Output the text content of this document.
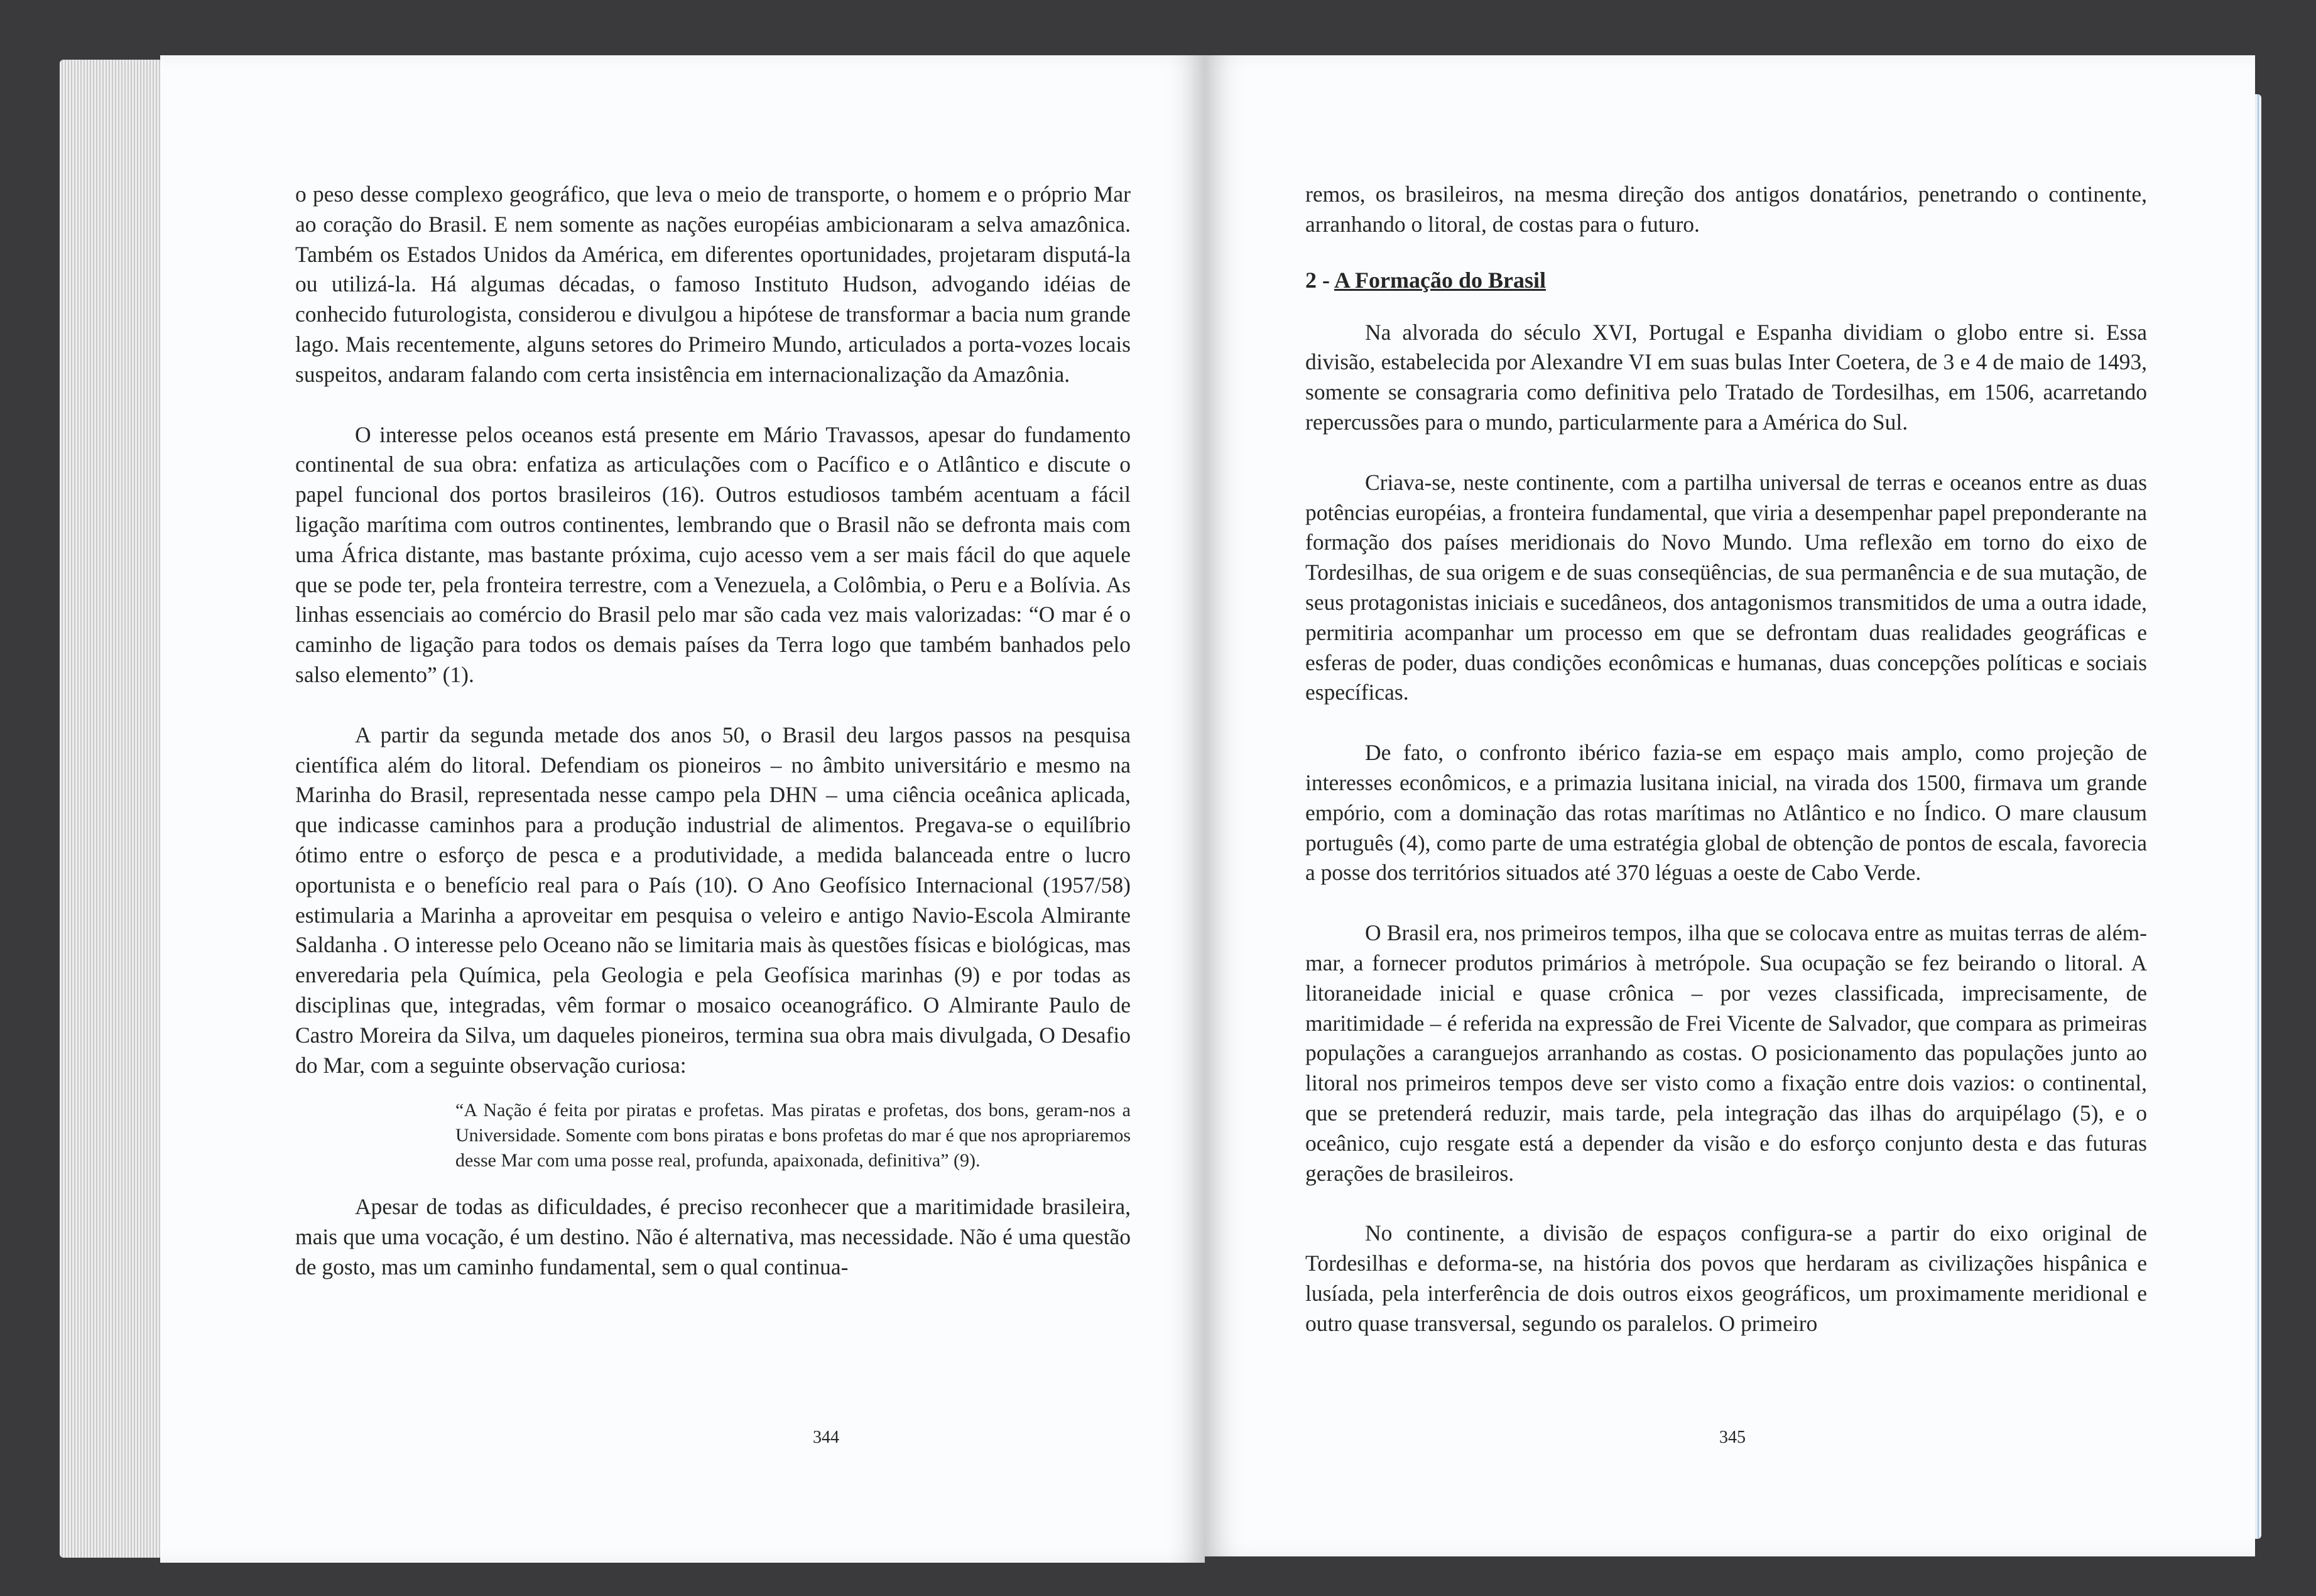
o peso desse complexo geográfico, que leva o meio de transporte, o homem e o próprio Mar ao coração do Brasil. E nem somente as nações européias ambicionaram a selva amazônica. Também os Estados Unidos da América, em diferentes oportunidades, projetaram disputá-la ou utilizá-la. Há algumas décadas, o famoso Instituto Hudson, advogando idéias de conhecido futurologista, considerou e divulgou a hipótese de transformar a bacia num grande lago. Mais recentemente, alguns setores do Primeiro Mundo, articulados a porta-vozes locais suspeitos, andaram falando com certa insistência em internacionalização da Amazônia.

O interesse pelos oceanos está presente em Mário Travassos, apesar do fundamento continental de sua obra: enfatiza as articulações com o Pacífico e o Atlântico e discute o papel funcional dos portos brasileiros (16). Outros estudiosos também acentuam a fácil ligação marítima com outros continentes, lembrando que o Brasil não se defronta mais com uma África distante, mas bastante próxima, cujo acesso vem a ser mais fácil do que aquele que se pode ter, pela fronteira terrestre, com a Venezuela, a Colômbia, o Peru e a Bolívia. As linhas essenciais ao comércio do Brasil pelo mar são cada vez mais valorizadas: “O mar é o caminho de ligação para todos os demais países da Terra logo que também banhados pelo salso elemento” (1).

A partir da segunda metade dos anos 50, o Brasil deu largos passos na pesquisa científica além do litoral. Defendiam os pioneiros – no âmbito universitário e mesmo na Marinha do Brasil, representada nesse campo pela DHN – uma ciência oceânica aplicada, que indicasse caminhos para a produção industrial de alimentos. Pregava-se o equilíbrio ótimo entre o esforço de pesca e a produtividade, a medida balanceada entre o lucro oportunista e o benefício real para o País (10). O Ano Geofísico Internacional (1957/58) estimularia a Marinha a aproveitar em pesquisa o veleiro e antigo Navio-Escola Almirante Saldanha . O interesse pelo Oceano não se limitaria mais às questões físicas e biológicas, mas enveredaria pela Química, pela Geologia e pela Geofísica marinhas (9) e por todas as disciplinas que, integradas, vêm formar o mosaico oceanográfico. O Almirante Paulo de Castro Moreira da Silva, um daqueles pioneiros, termina sua obra mais divulgada, O Desafio do Mar, com a seguinte observação curiosa:

“A Nação é feita por piratas e profetas. Mas piratas e profetas, dos bons, geram-nos a Universidade. Somente com bons piratas e bons profetas do mar é que nos apropriaremos desse Mar com uma posse real, profunda, apaixonada, definitiva” (9).

Apesar de todas as dificuldades, é preciso reconhecer que a maritimidade brasileira, mais que uma vocação, é um destino. Não é alternativa, mas necessidade. Não é uma questão de gosto, mas um caminho fundamental, sem o qual continua-

344

remos, os brasileiros, na mesma direção dos antigos donatários, penetrando o continente, arranhando o litoral, de costas para o futuro.

2 - A Formação do Brasil

Na alvorada do século XVI, Portugal e Espanha dividiam o globo entre si. Essa divisão, estabelecida por Alexandre VI em suas bulas Inter Coetera, de 3 e 4 de maio de 1493, somente se consagraria como definitiva pelo Tratado de Tordesilhas, em 1506, acarretando repercussões para o mundo, particularmente para a América do Sul.

Criava-se, neste continente, com a partilha universal de terras e oceanos entre as duas potências européias, a fronteira fundamental, que viria a desempenhar papel preponderante na formação dos países meridionais do Novo Mundo. Uma reflexão em torno do eixo de Tordesilhas, de sua origem e de suas conseqüências, de sua permanência e de sua mutação, de seus protagonistas iniciais e sucedâneos, dos antagonismos transmitidos de uma a outra idade, permitiria acompanhar um processo em que se defrontam duas realidades geográficas e esferas de poder, duas condições econômicas e humanas, duas concepções políticas e sociais específicas.

De fato, o confronto ibérico fazia-se em espaço mais amplo, como projeção de interesses econômicos, e a primazia lusitana inicial, na virada dos 1500, firmava um grande empório, com a dominação das rotas marítimas no Atlântico e no Índico. O mare clausum português (4), como parte de uma estratégia global de obtenção de pontos de escala, favorecia a posse dos territórios situados até 370 léguas a oeste de Cabo Verde.

O Brasil era, nos primeiros tempos, ilha que se colocava entre as muitas terras de além-mar, a fornecer produtos primários à metrópole. Sua ocupação se fez beirando o litoral. A litoraneidade inicial e quase crônica – por vezes classificada, imprecisamente, de maritimidade – é referida na expressão de Frei Vicente de Salvador, que compara as primeiras populações a caranguejos arranhando as costas. O posicionamento das populações junto ao litoral nos primeiros tempos deve ser visto como a fixação entre dois vazios: o continental, que se pretenderá reduzir, mais tarde, pela integração das ilhas do arquipélago (5), e o oceânico, cujo resgate está a depender da visão e do esforço conjunto desta e das futuras gerações de brasileiros.

No continente, a divisão de espaços configura-se a partir do eixo original de Tordesilhas e deforma-se, na história dos povos que herdaram as civilizações hispânica e lusíada, pela interferência de dois outros eixos geográficos, um proximamente meridional e outro quase transversal, segundo os paralelos. O primeiro

345
